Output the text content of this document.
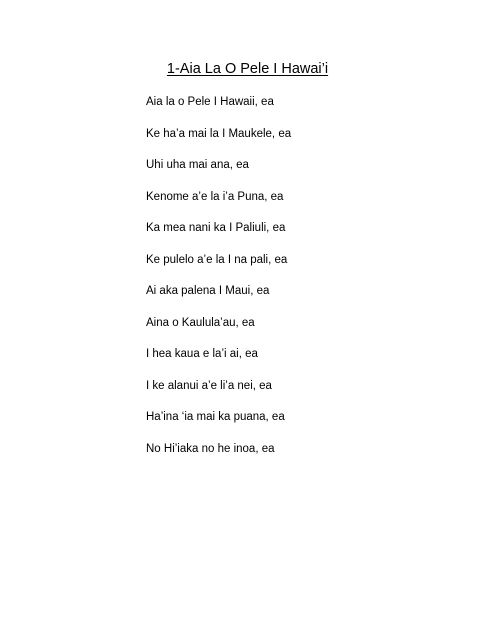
1-Aia La O Pele I Hawai’i
Aia la o Pele I Hawaii, ea
Ke ha’a mai la I Maukele, ea
Uhi uha mai ana, ea
Kenome a’e la i’a Puna, ea
Ka mea nani ka I Paliuli, ea
Ke pulelo a’e la I na pali, ea
Ai aka palena I Maui, ea
Aina o Kaulula’au, ea
I hea kaua e la’i ai, ea
I ke alanui a’e li’a nei, ea
Ha’ina ‘ia mai ka puana, ea
No Hi’iaka no he inoa, ea
